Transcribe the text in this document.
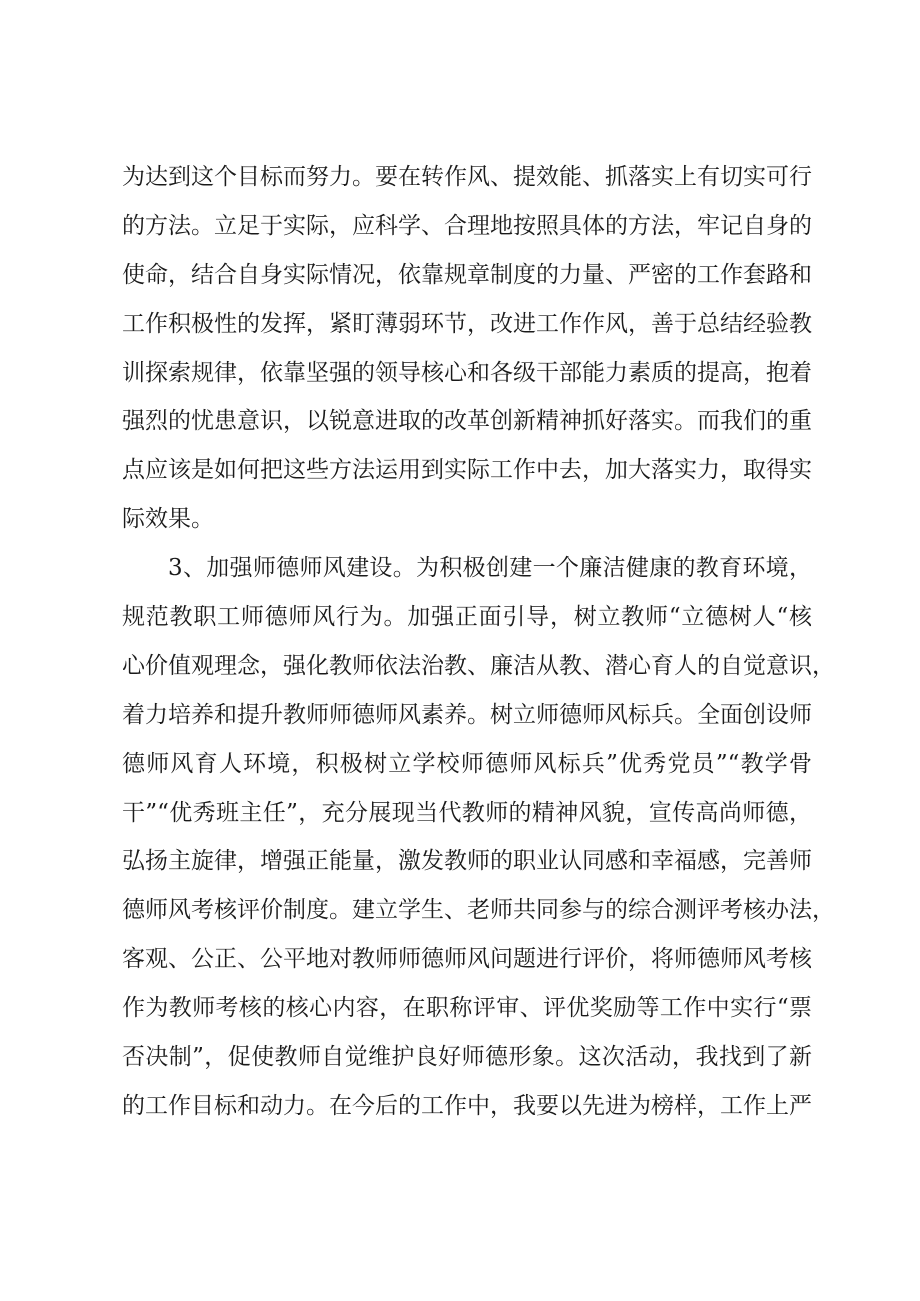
为达到这个目标而努力。要在转作风、提效能、抓落实上有切实可行
的方法。立足于实际，应科学、合理地按照具体的方法，牢记自身的
使命，结合自身实际情况，依靠规章制度的力量、严密的工作套路和
工作积极性的发挥，紧盯薄弱环节，改进工作作风，善于总结经验教
训探索规律，依靠坚强的领导核心和各级干部能力素质的提高，抱着
强烈的忧患意识，以锐意进取的改革创新精神抓好落实。而我们的重
点应该是如何把这些方法运用到实际工作中去，加大落实力，取得实
际效果。
3、加强师德师风建设。为积极创建一个廉洁健康的教育环境，
规范教职工师德师风行为。加强正面引导，树立教师“立德树人“核
心价值观理念，强化教师依法治教、廉洁从教、潜心育人的自觉意识，
着力培养和提升教师师德师风素养。树立师德师风标兵。全面创设师
德师风育人环境，积极树立学校师德师风标兵”优秀党员”“教学骨
干”“优秀班主任”，充分展现当代教师的精神风貌，宣传高尚师德，
弘扬主旋律，增强正能量，激发教师的职业认同感和幸福感，完善师
德师风考核评价制度。建立学生、老师共同参与的综合测评考核办法，
客观、公正、公平地对教师师德师风问题进行评价，将师德师风考核
作为教师考核的核心内容，在职称评审、评优奖励等工作中实行“票
否决制”，促使教师自觉维护良好师德形象。这次活动，我找到了新
的工作目标和动力。在今后的工作中，我要以先进为榜样，工作上严
